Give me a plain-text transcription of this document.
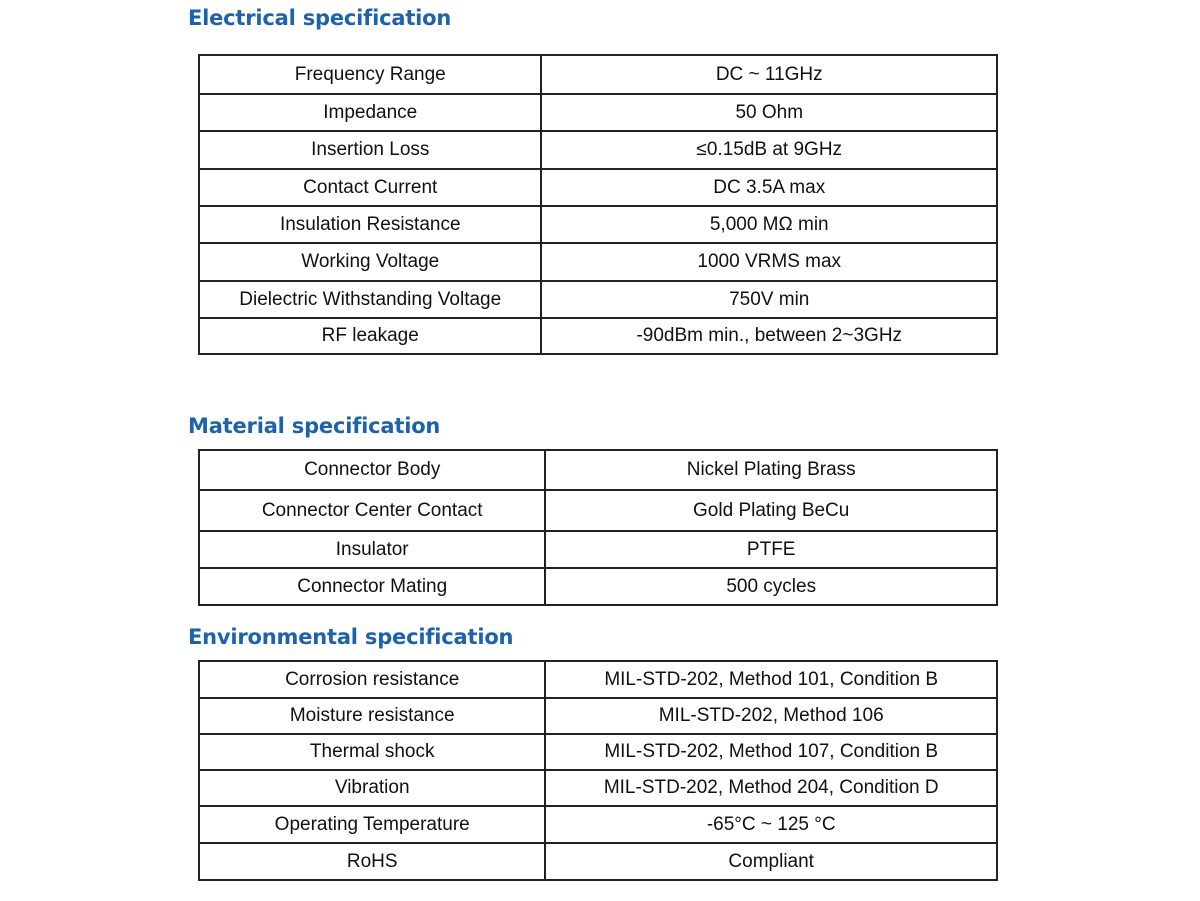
Electrical specification
Frequency Range	DC ~ 11GHz
Impedance	50 Ohm
Insertion Loss	≤0.15dB at 9GHz
Contact Current	DC 3.5A max
Insulation Resistance	5,000 MΩ min
Working Voltage	1000 VRMS max
Dielectric Withstanding Voltage	750V min
RF leakage	-90dBm min., between 2~3GHz
Material specification
Connector Body	Nickel Plating Brass
Connector Center Contact	Gold Plating BeCu
Insulator	PTFE
Connector Mating	500 cycles
Environmental specification
Corrosion resistance	MIL-STD-202, Method 101, Condition B
Moisture resistance	MIL-STD-202, Method 106
Thermal shock	MIL-STD-202, Method 107, Condition B
Vibration	MIL-STD-202, Method 204, Condition D
Operating Temperature	-65°C ~ 125 °C
RoHS	Compliant
